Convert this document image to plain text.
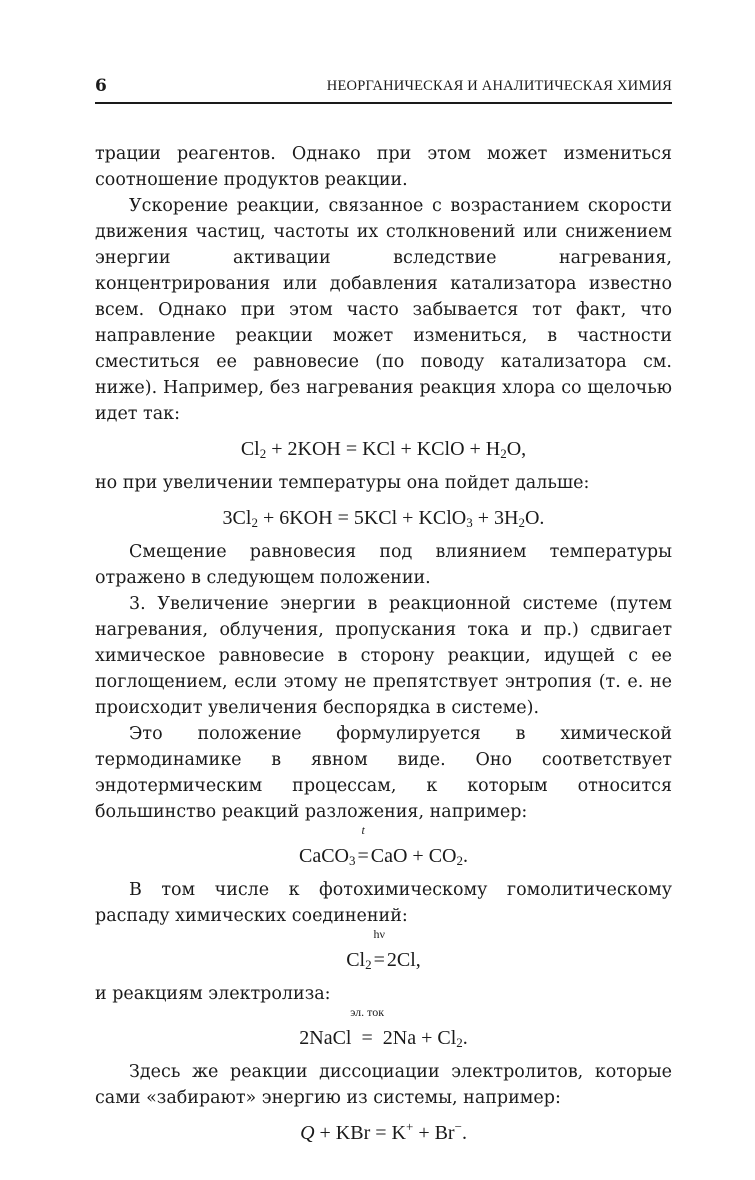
6	НЕОРГАНИЧЕСКАЯ И АНАЛИТИЧЕСКАЯ ХИМИЯ

трации реагентов. Однако при этом может измениться соотношение продуктов реакции.

Ускорение реакции, связанное с возрастанием скорости движения частиц, частоты их столкновений или снижением энергии активации вследствие нагревания, концентрирования или добавления катализатора известно всем. Однако при этом часто забывается тот факт, что направление реакции может измениться, в частности сместиться ее равновесие (по поводу катализатора см. ниже). Например, без нагревания реакция хлора со щелочью идет так:

$Cl_2 + 2KOH$ = KCl + KClO + $H_2O$,

но при увеличении температуры она пойдет дальше:

$3Cl_2 + 6KOH = 5KCl$ + KClO$_3$ + $3H_2O$.

Смещение равновесия под влиянием температуры отражено в следующем положении.

3. Увеличение энергии в реакционной системе (путем нагревания, облучения, пропускания тока и пр.) сдвигает химическое равновесие в сторону реакции, идущей с ее поглощением, если этому не препятствует энтропия (т. е. не происходит увеличения беспорядка в системе).

Это положение формулируется в химической термодинамике в явном виде. Оно соответствует эндотермическим процессам, к которым относится большинство реакций разложения, например:

CaCO$_3$
t
= CaO + $CO_2$.

В том числе к фотохимическому гомолитическому распаду химических соединений:

$Cl_2$
hν
= 2Cl,

и реакциям электролиза:

2NaCl
эл. ток
= $2Na + Cl_2$.

Здесь же реакции диссоциации электролитов, которые сами «забирают» энергию из системы, например:

Q + KBr = K+ + Br−.
